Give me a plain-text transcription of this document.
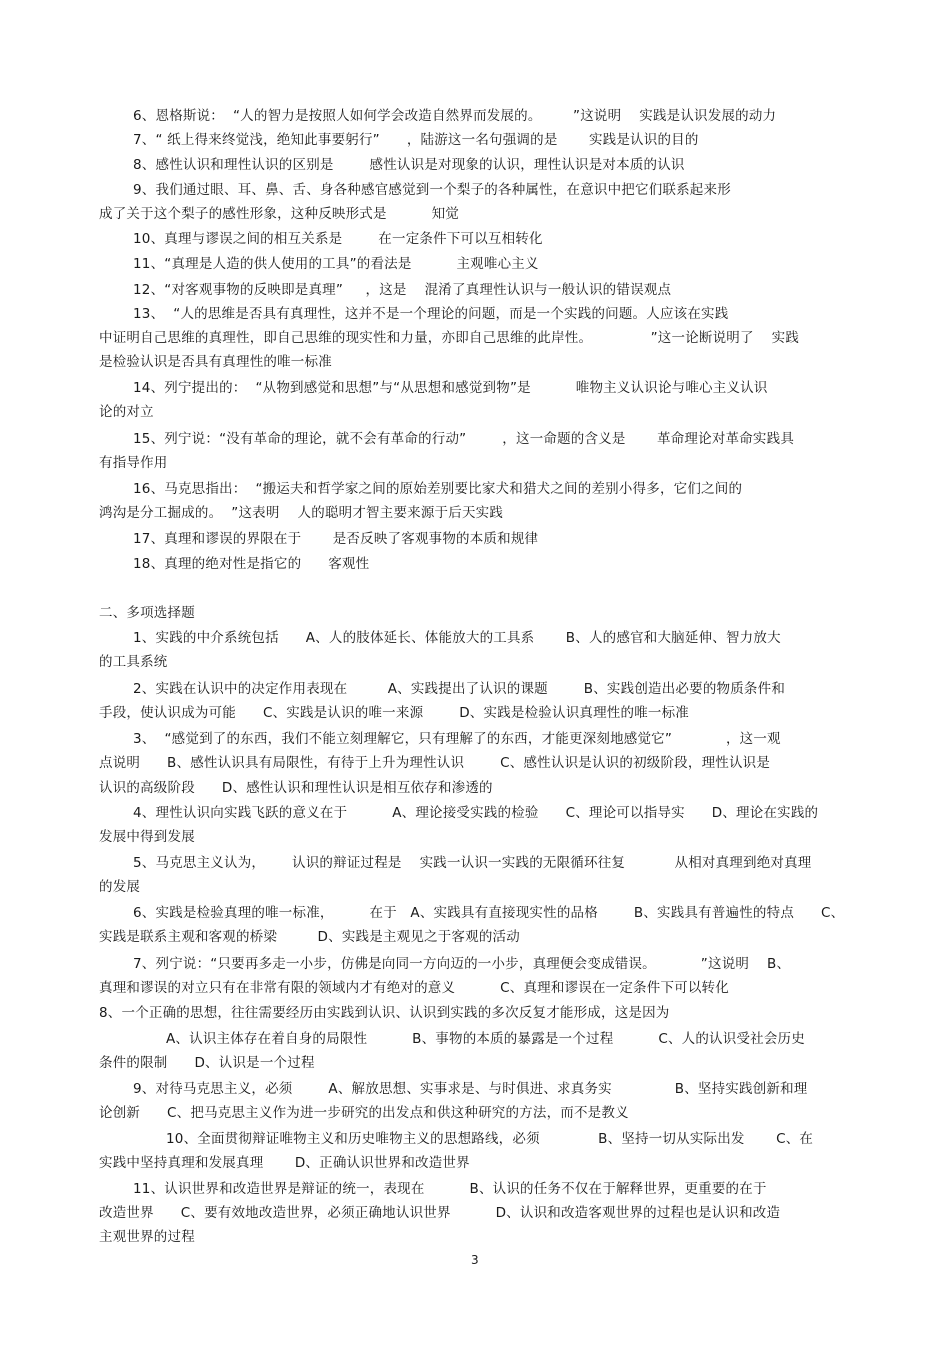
6、恩格斯说：  “人的智力是按照人如何学会改造自然界而发展的。       ”这说明    实践是认识发展的动力
7、“ 纸上得来终觉浅，绝知此事要躬行”      ，陆游这一名句强调的是       实践是认识的目的
8、感性认识和理性认识的区别是        感性认识是对现象的认识，理性认识是对本质的认识
9、我们通过眼、耳、鼻、舌、身各种感官感觉到一个梨子的各种属性，在意识中把它们联系起来形
成了关于这个梨子的感性形象，这种反映形式是          知觉
10、真理与谬误之间的相互关系是        在一定条件下可以互相转化
11、“真理是人造的供人使用的工具”的看法是          主观唯心主义
12、“对客观事物的反映即是真理”     ，这是    混淆了真理性认识与一般认识的错误观点
13、  “人的思维是否具有真理性，这并不是一个理论的问题，而是一个实践的问题。人应该在实践
中证明自己思维的真理性，即自己思维的现实性和力量，亦即自己思维的此岸性。             ”这一论断说明了    实践
是检验认识是否具有真理性的唯一标准
14、列宁提出的：  “从物到感觉和思想”与“从思想和感觉到物”是          唯物主义认识论与唯心主义认识
论的对立
15、列宁说：“没有革命的理论，就不会有革命的行动”        ，这一命题的含义是       革命理论对革命实践具
有指导作用
16、马克思指出：  “搬运夫和哲学家之间的原始差别要比家犬和猎犬之间的差别小得多，它们之间的
鸿沟是分工掘成的。  ”这表明    人的聪明才智主要来源于后天实践
17、真理和谬误的界限在于       是否反映了客观事物的本质和规律
18、真理的绝对性是指它的      客观性
二、多项选择题
1、实践的中介系统包括      A、人的肢体延长、体能放大的工具系       B、人的感官和大脑延伸、智力放大
的工具系统
2、实践在认识中的决定作用表现在         A、实践提出了认识的课题        B、实践创造出必要的物质条件和
手段，使认识成为可能      C、实践是认识的唯一来源        D、实践是检验认识真理性的唯一标准
3、  “感觉到了的东西，我们不能立刻理解它，只有理解了的东西，才能更深刻地感觉它”            ，这一观
点说明      B、感性认识具有局限性，有待于上升为理性认识        C、感性认识是认识的初级阶段，理性认识是
认识的高级阶段      D、感性认识和理性认识是相互依存和渗透的
4、理性认识向实践飞跃的意义在于          A、理论接受实践的检验      C、理论可以指导实      D、理论在实践的
发展中得到发展
5、马克思主义认为，      认识的辩证过程是    实践一认识一实践的无限循环往复           从相对真理到绝对真理
的发展
6、实践是检验真理的唯一标准，        在于   A、实践具有直接现实性的品格        B、实践具有普遍性的特点      C、
实践是联系主观和客观的桥梁         D、实践是主观见之于客观的活动
7、列宁说：“只要再多走一小步，仿佛是向同一方向迈的一小步，真理便会变成错误。          ”这说明    B、
真理和谬误的对立只有在非常有限的领域内才有绝对的意义          C、真理和谬误在一定条件下可以转化
8、一个正确的思想，往往需要经历由实践到认识、认识到实践的多次反复才能形成，这是因为
A、认识主体存在着自身的局限性          B、事物的本质的暴露是一个过程          C、人的认识受社会历史
条件的限制      D、认识是一个过程
9、对待马克思主义，必须        A、解放思想、实事求是、与时俱进、求真务实              B、坚持实践创新和理
论创新      C、把马克思主义作为进一步研究的出发点和供这种研究的方法，而不是教义
10、全面贯彻辩证唯物主义和历史唯物主义的思想路线，必须             B、坚持一切从实际出发       C、在
实践中坚持真理和发展真理       D、正确认识世界和改造世界
11、认识世界和改造世界是辩证的统一，表现在          B、认识的任务不仅在于解释世界，更重要的在于
改造世界      C、要有效地改造世界，必须正确地认识世界          D、认识和改造客观世界的过程也是认识和改造
主观世界的过程
3
